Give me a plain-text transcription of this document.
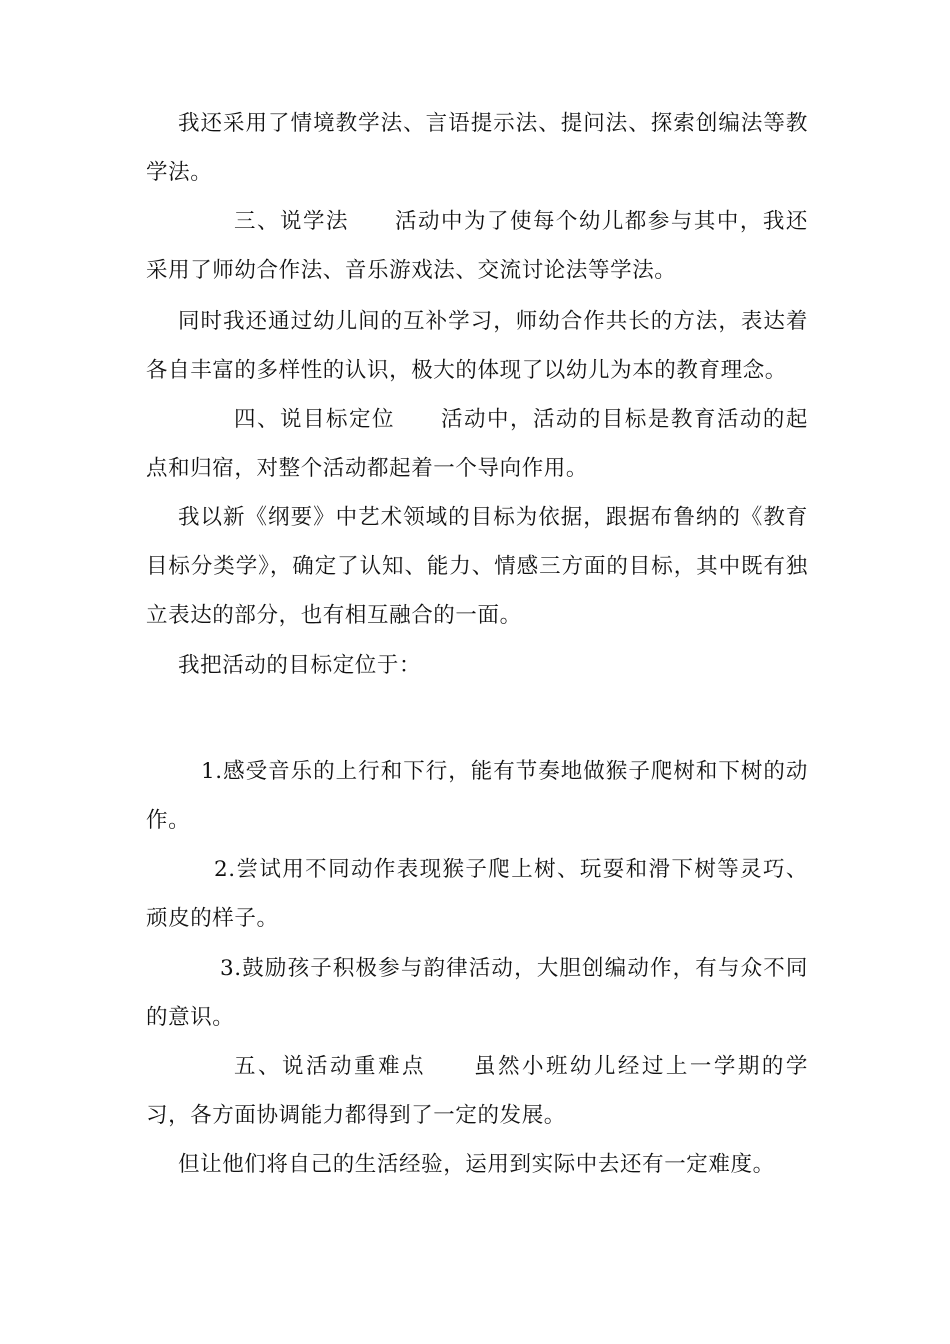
我还采用了情境教学法、言语提示法、提问法、探索创编法等教学法。

三、说学法　　活动中为了使每个幼儿都参与其中，我还采用了师幼合作法、音乐游戏法、交流讨论法等学法。

同时我还通过幼儿间的互补学习，师幼合作共长的方法，表达着各自丰富的多样性的认识，极大的体现了以幼儿为本的教育理念。

四、说目标定位　　活动中，活动的目标是教育活动的起点和归宿，对整个活动都起着一个导向作用。

我以新《纲要》中艺术领域的目标为依据，跟据布鲁纳的《教育目标分类学》，确定了认知、能力、情感三方面的目标，其中既有独立表达的部分，也有相互融合的一面。

我把活动的目标定位于：

1.感受音乐的上行和下行，能有节奏地做猴子爬树和下树的动作。

2.尝试用不同动作表现猴子爬上树、玩耍和滑下树等灵巧、顽皮的样子。

3.鼓励孩子积极参与韵律活动，大胆创编动作，有与众不同的意识。

五、说活动重难点　　虽然小班幼儿经过上一学期的学习，各方面协调能力都得到了一定的发展。

但让他们将自己的生活经验，运用到实际中去还有一定难度。
